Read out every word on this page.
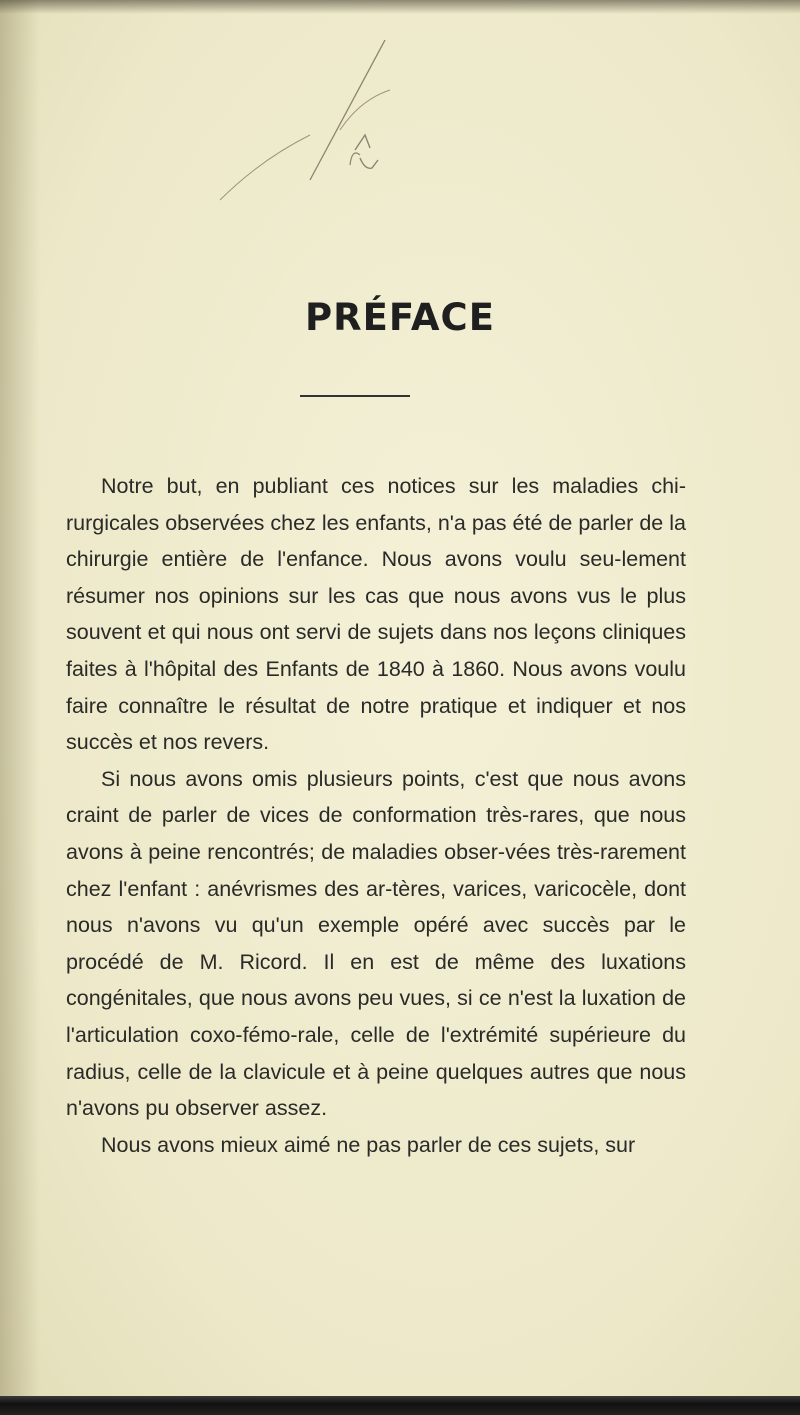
PRÉFACE

Notre but, en publiant ces notices sur les maladies chi-rurgicales observées chez les enfants, n'a pas été de parler de la chirurgie entière de l'enfance. Nous avons voulu seu-lement résumer nos opinions sur les cas que nous avons vus le plus souvent et qui nous ont servi de sujets dans nos leçons cliniques faites à l'hôpital des Enfants de 1840 à 1860. Nous avons voulu faire connaître le résultat de notre pratique et indiquer et nos succès et nos revers.

Si nous avons omis plusieurs points, c'est que nous avons craint de parler de vices de conformation très-rares, que nous avons à peine rencontrés; de maladies obser-vées très-rarement chez l'enfant : anévrismes des ar-tères, varices, varicocèle, dont nous n'avons vu qu'un exemple opéré avec succès par le procédé de M. Ricord. Il en est de même des luxations congénitales, que nous avons peu vues, si ce n'est la luxation de l'articulation coxo-fémo-rale, celle de l'extrémité supérieure du radius, celle de la clavicule et à peine quelques autres que nous n'avons pu observer assez.

Nous avons mieux aimé ne pas parler de ces sujets, sur
